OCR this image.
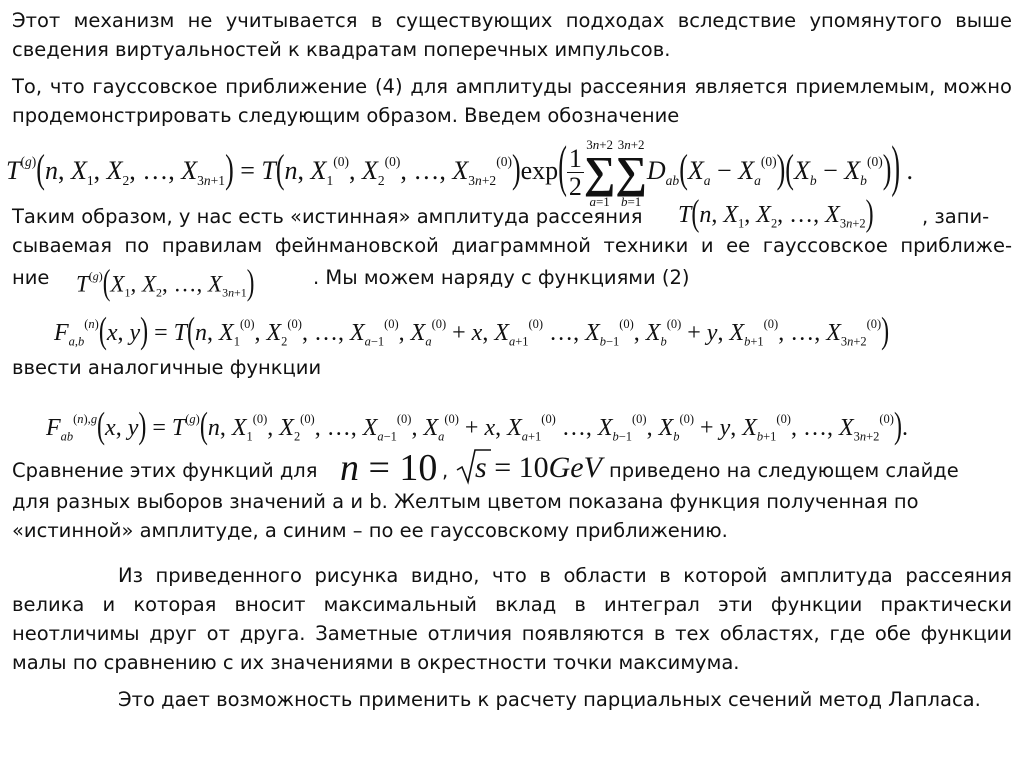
Этот механизм не учитывается в существующих подходах вследствие упомянутого выше сведения виртуальностей к квадратам поперечных импульсов.

То, что гауссовское приближение (4) для амплитуды рассеяния является приемлемым, можно продемонстрировать следующим образом. Введем обозначение

$T^{(g)}(n$, $X_1$, $X_2$, …, $X_{3n+1}) = T(n$, $X_1^{(0)}$, $X_2^{(0)}$, …, $X_{3n+2}^{(0)})\exp( \frac{1}{2}$
3n+2
∑
a=1
3n+2
∑
b=1
$D_{ab}(X_a - X_a^{(0)})(X_b - X_b^{(0)})$) .
Таким образом, у нас есть «истинная» амплитуда рассеяния T(n, $X_1$, $X_2$, …, $X_{3n+2}$) , запи-

сываемая по правилам фейнмановской диаграммной техники и ее гауссовское приближе-

ние $T^{(g)}(X_1$, $X_2$, …, $X_{3n+1}$)	. Мы можем наряду с функциями (2)
$F_{a,b}^{(n)}(x$, y) = T(n, $X_1^{(0)}$, $X_2^{(0)}$, …, $X_{a-1}^{(0)}$, $X_a^{(0)} + x$, $X_{a+1}^{(0)}$ …, $X_{b-1}^{(0)}$, $X_b^{(0)} + y$, $X_{b+1}^{(0)}$, …, $X_{3n+2}^{(0)}$)

ввести аналогичные функции

$F_{ab}^{(n),g}(x$, $y) = T^{(g)}(n$, $X_1^{(0)}$, $X_2^{(0)}$, …, $X_{a-1}^{(0)}$, $X_a^{(0)} + x$, $X_{a+1}^{(0)}$ …, $X_{b-1}^{(0)}$, $X_b^{(0)} + y$, $X_{b+1}^{(0)}$, …, $X_{3n+2}^{(0)}$).
Сравнение этих функций для n = 10 , s = 10GeV приведено на следующем слайде

для разных выборов значений a и b. Желтым цветом показана функция полученная по

«истинной» амплитуде, а синим – по ее гауссовскому приближению.

Из приведенного рисунка видно, что в области в которой амплитуда рассеяния велика и которая вносит максимальный вклад в интеграл эти функции практически неотличимы друг от друга. Заметные отличия появляются в тех областях, где обе функции малы по сравнению с их значениями в окрестности точки максимума.

Это дает возможность применить к расчету парциальных сечений метод Лапласа.
